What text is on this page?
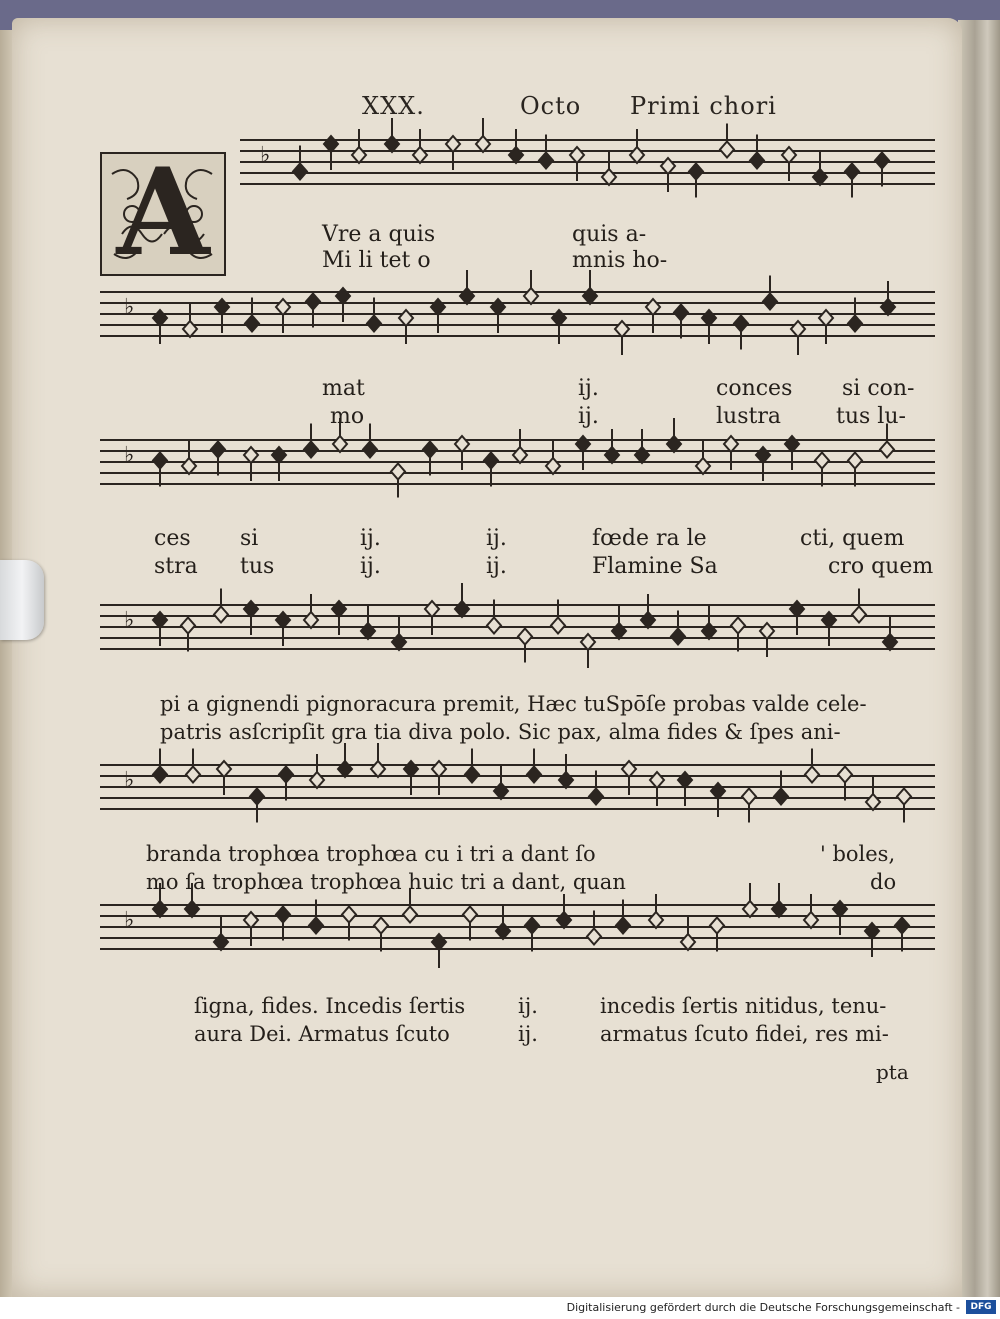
XXX.	Octo Primi chori
A	♭
♭
♭
♭
♭
♭
Vre a quis	quis a-
Mi li tet o	mnis ho-
mat	ij.	conces si con-
mo	ij.	lustra	tus lu-
ces si	ij.	ij.	fœde ra le	cti, quem
stra tus	ij.	ij.	Flamine Sa	cro quem
pi a gignendi pignoracura premit, Hæc tuSpōſe probas valde cele-
patris asſcripſit gra tia diva polo. Sic pax, alma fides & ſpes ani-
branda trophœa trophœa cu i tri a dant ſo	' boles,
mo ſa trophœa trophœa huic tri a dant, quan	do
ſigna, fides. Incedis ſertis	ij.	incedis ſertis nitidus, tenu-
aura Dei. Armatus ſcuto	ij.	armatus ſcuto fidei, res mi-
pta
Digitalisierung gefördert durch die Deutsche Forschungsgemeinschaft -	DFG
